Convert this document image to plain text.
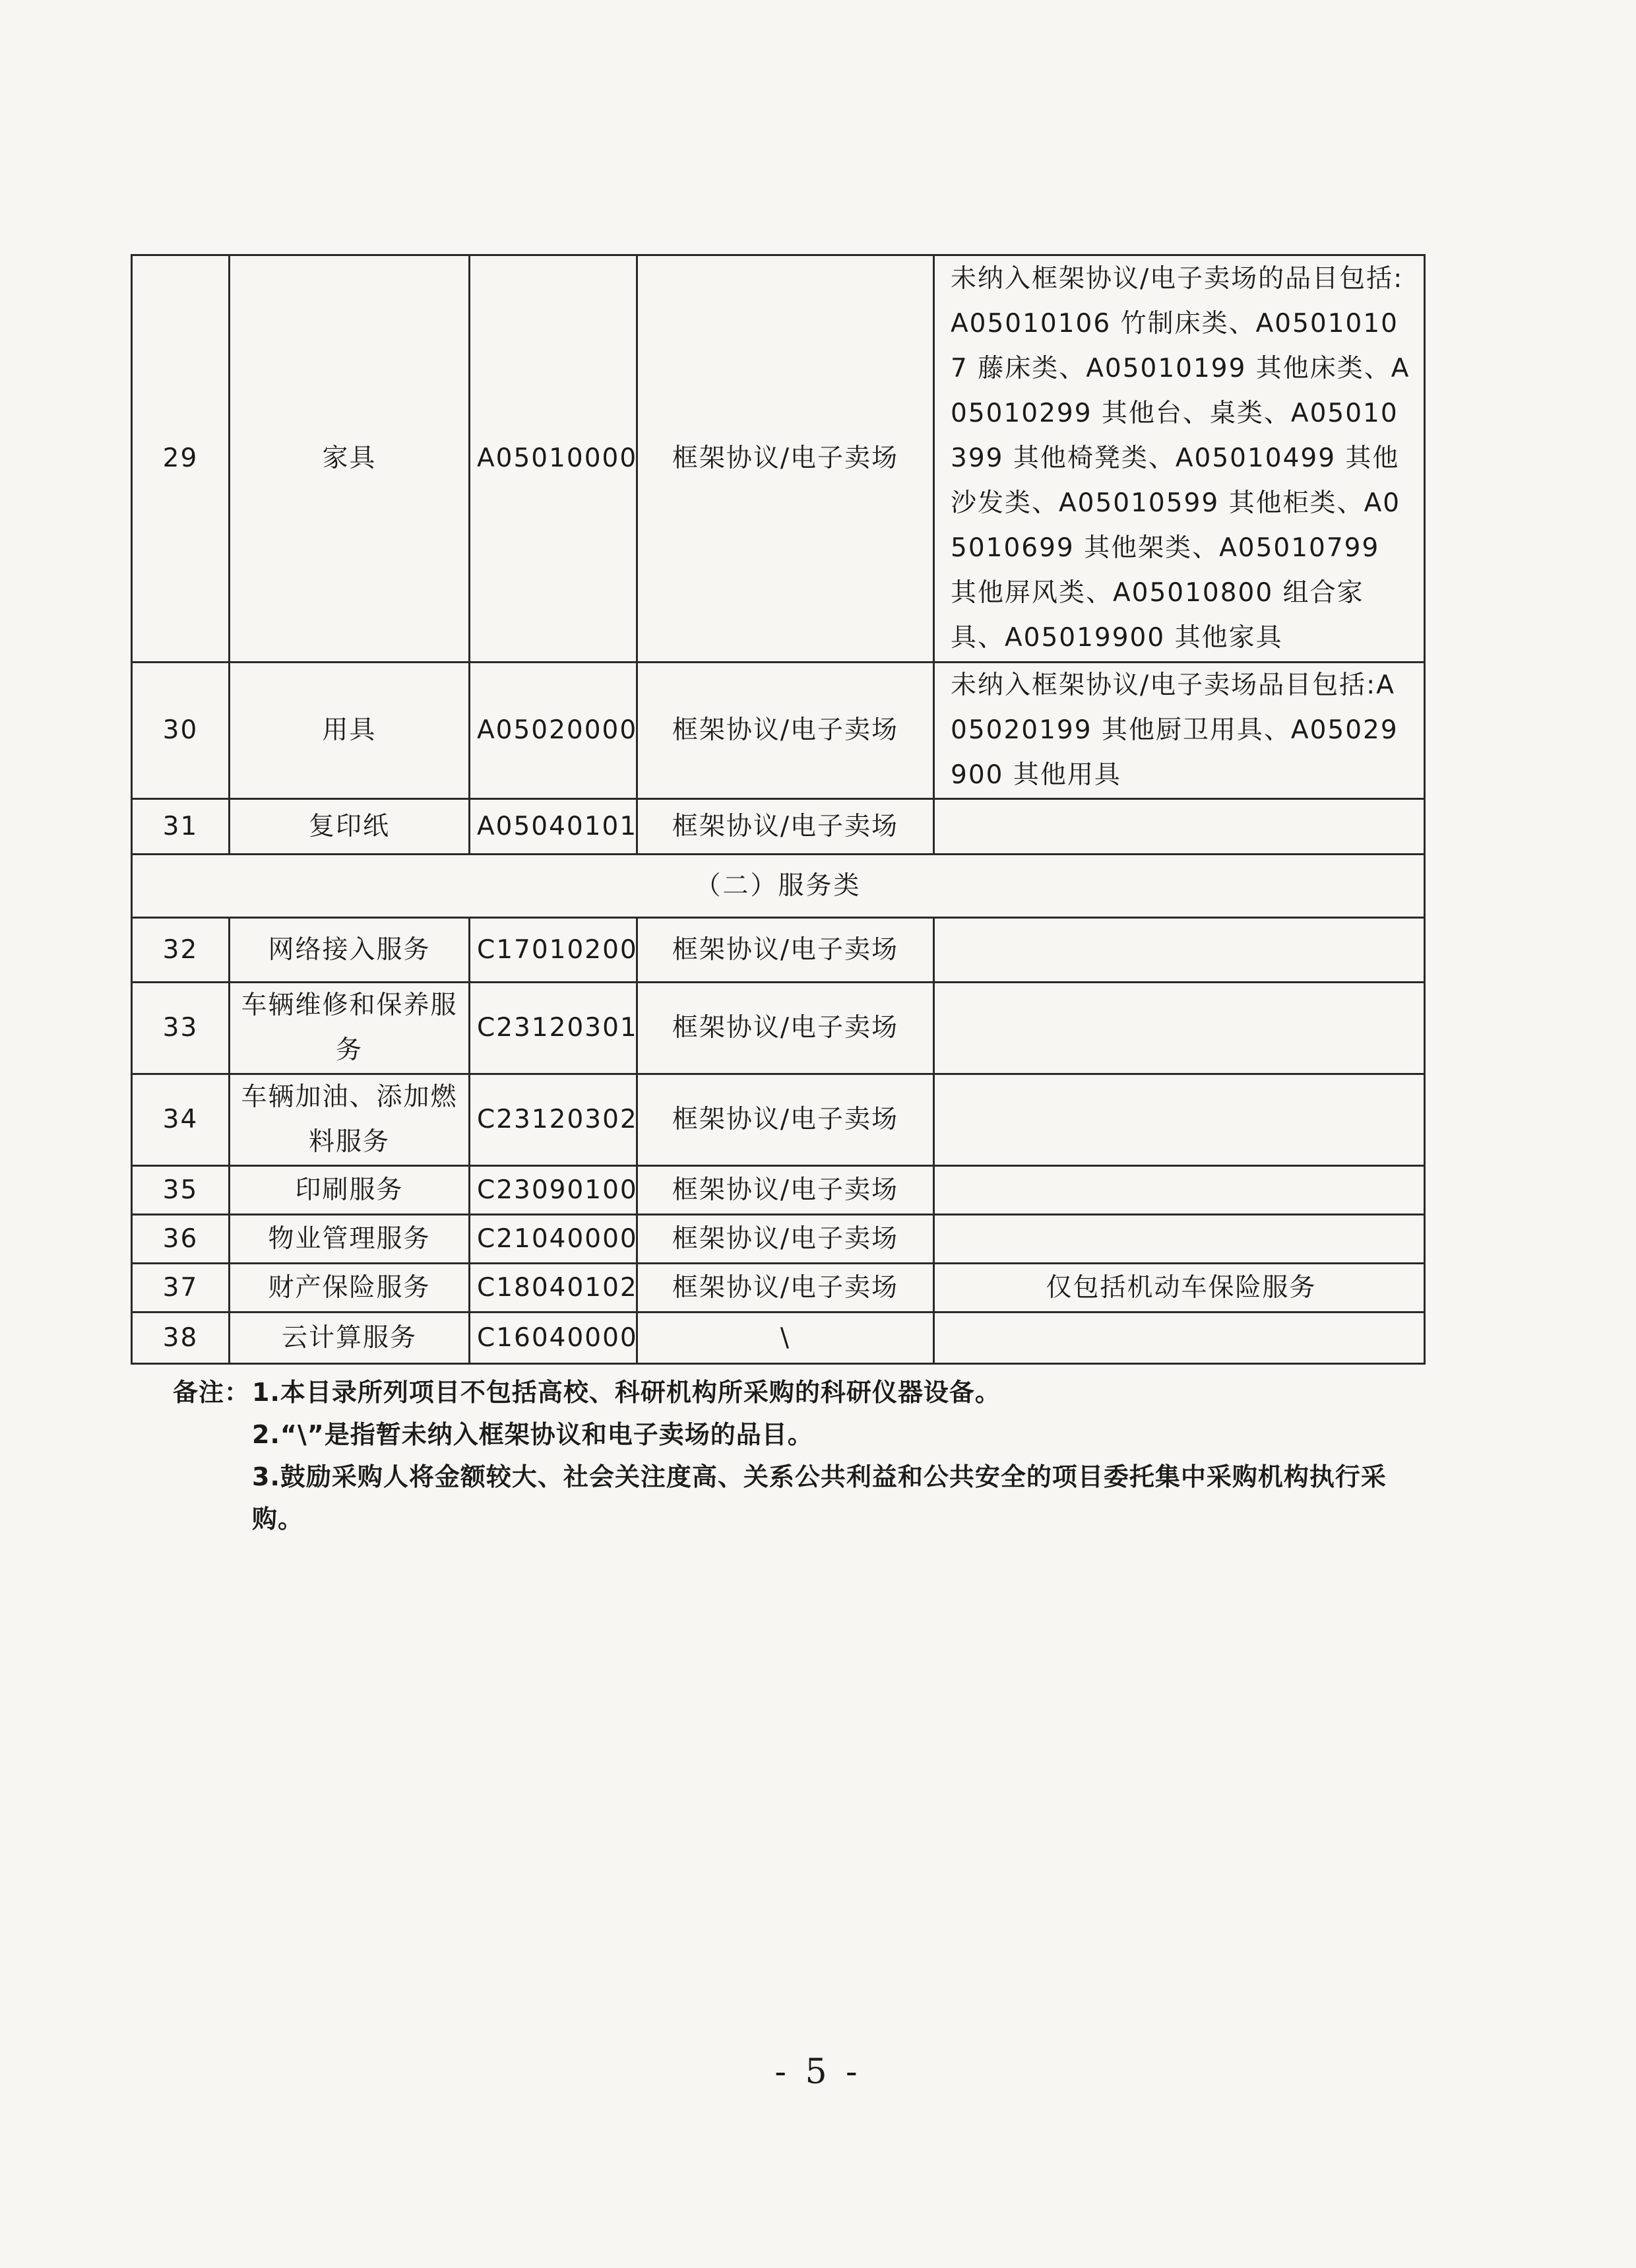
29	家具	A05010000	框架协议/电子卖场	未纳入框架协议/电子卖场的品目包括:A05010106 竹制床类、A05010107 藤床类、A05010199 其他床类、A05010299 其他台、桌类、A05010399 其他椅凳类、A05010499 其他沙发类、A05010599 其他柜类、A05010699 其他架类、A05010799 其他屏风类、A05010800 组合家具、A05019900 其他家具
30	用具	A05020000	框架协议/电子卖场	未纳入框架协议/电子卖场品目包括:A05020199 其他厨卫用具、A05029900 其他用具
31	复印纸	A05040101	框架协议/电子卖场	
（二）服务类				
32	网络接入服务	C17010200	框架协议/电子卖场	
33	车辆维修和保养服务	C23120301	框架协议/电子卖场	
34	车辆加油、添加燃料服务	C23120302	框架协议/电子卖场	
35	印刷服务	C23090100	框架协议/电子卖场	
36	物业管理服务	C21040000	框架协议/电子卖场	
37	财产保险服务	C18040102	框架协议/电子卖场	仅包括机动车保险服务
38	云计算服务	C16040000	\	
备注： 1.本目录所列项目不包括高校、科研机构所采购的科研仪器设备。
2.“\”是指暂未纳入框架协议和电子卖场的品目。
3.鼓励采购人将金额较大、社会关注度高、关系公共利益和公共安全的项目委托集中采购机构执行采购。
- 5 -
